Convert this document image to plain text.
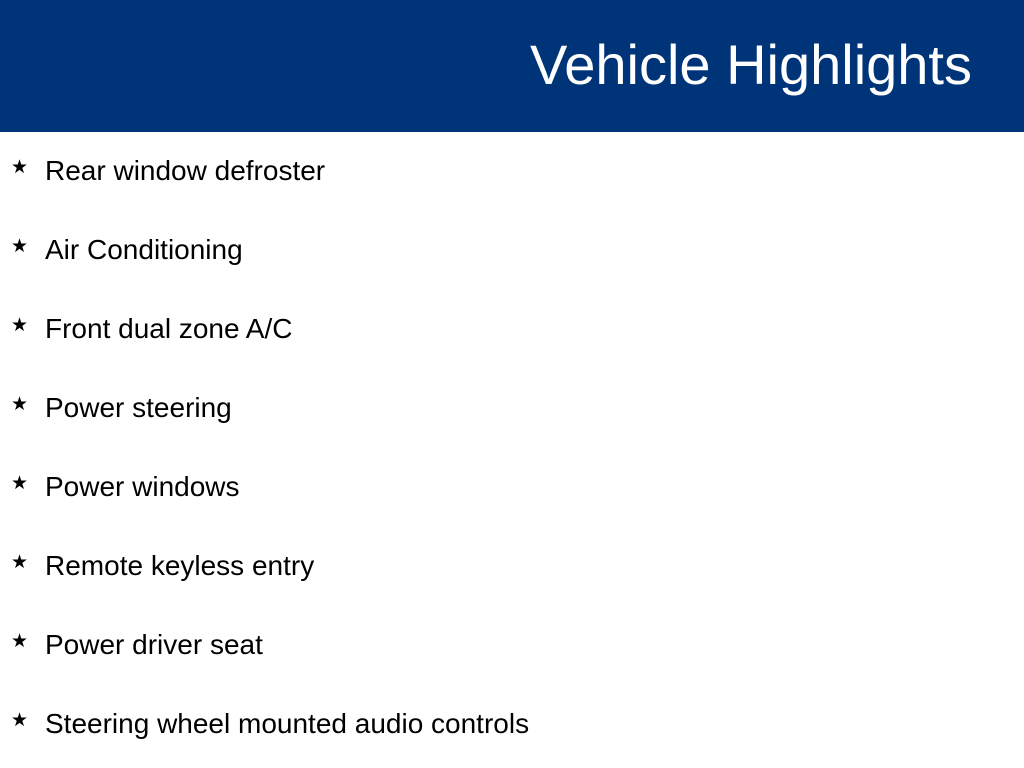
Vehicle Highlights
★ Rear window defroster
★ Air Conditioning
★ Front dual zone A/C
★ Power steering
★ Power windows
★ Remote keyless entry
★ Power driver seat
★ Steering wheel mounted audio controls
